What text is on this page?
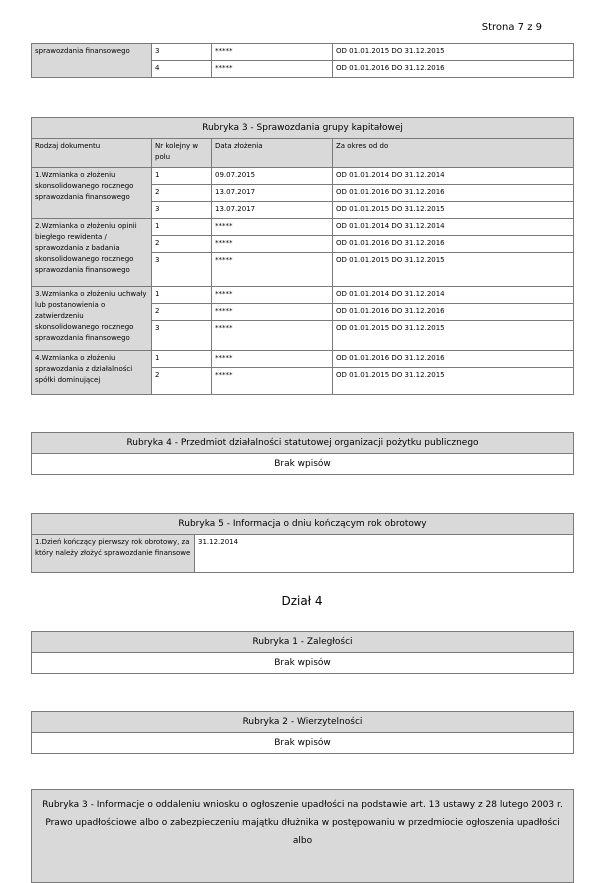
Strona 7 z 9
sprawozdania finansowego	3	*****	OD 01.01.2015 DO 31.12.2015
	4	*****	OD 01.01.2016 DO 31.12.2016
Rubryka 3 - Sprawozdania grupy kapitałowej			
Rodzaj dokumentu	Nr kolejny w polu	Data złożenia	Za okres od do
1.Wzmianka o złożeniu skonsolidowanego rocznego sprawozdania finansowego	1	09.07.2015	OD 01.01.2014 DO 31.12.2014
	2	13.07.2017	OD 01.01.2016 DO 31.12.2016
	3	13.07.2017	OD 01.01.2015 DO 31.12.2015
2.Wzmianka o złożeniu opinii biegłego rewidenta / sprawozdania z badania skonsolidowanego rocznego sprawozdania finansowego	1	*****	OD 01.01.2014 DO 31.12.2014
	2	*****	OD 01.01.2016 DO 31.12.2016
	3	*****	OD 01.01.2015 DO 31.12.2015
3.Wzmianka o złożeniu uchwały lub postanowienia o zatwierdzeniu skonsolidowanego rocznego sprawozdania finansowego	1	*****	OD 01.01.2014 DO 31.12.2014
	2	*****	OD 01.01.2016 DO 31.12.2016
	3	*****	OD 01.01.2015 DO 31.12.2015
4.Wzmianka o złożeniu sprawozdania z działalności spółki dominującej	1	*****	OD 01.01.2016 DO 31.12.2016
	2	*****	OD 01.01.2015 DO 31.12.2015
Rubryka 4 - Przedmiot działalności statutowej organizacji pożytku publicznego
Brak wpisów
Rubryka 5 - Informacja o dniu kończącym rok obrotowy
1.Dzień kończący pierwszy rok obrotowy, za który należy złożyć sprawozdanie finansowe	31.12.2014
Dział 4
Rubryka 1 - Zaległości
Brak wpisów
Rubryka 2 - Wierzytelności
Brak wpisów
Rubryka 3 - Informacje o oddaleniu wniosku o ogłoszenie upadłości na podstawie art. 13 ustawy z 28 lutego 2003 r. Prawo upadłościowe albo o zabezpieczeniu majątku dłużnika w postępowaniu w przedmiocie ogłoszenia upadłości albo
